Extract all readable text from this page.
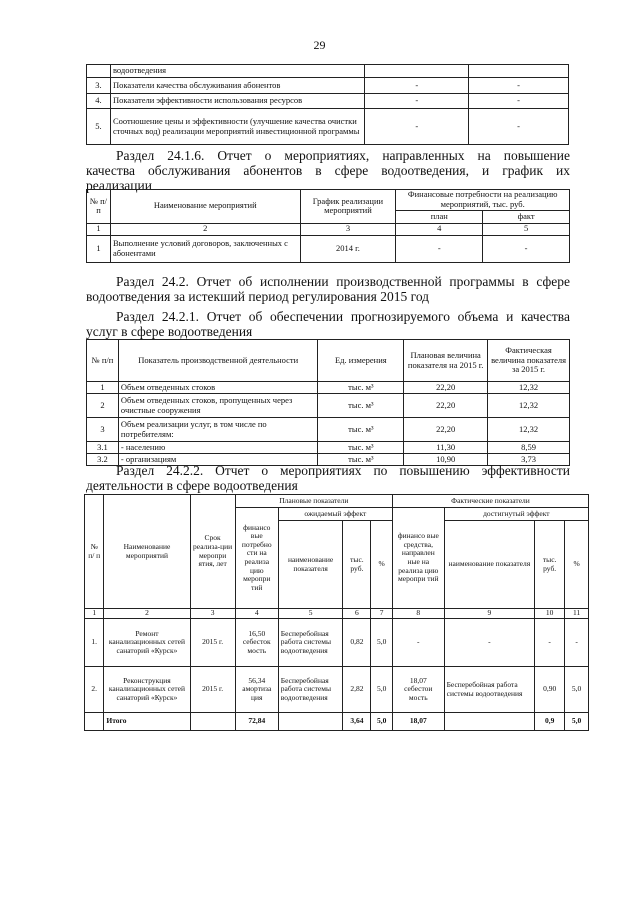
29
	водоотведения		
3.	Показатели качества обслуживания абонентов	-	-
4.	Показатели эффективности использования ресурсов	-	-
5.	Соотношение цены и эффективности (улучшение качества очистки сточных вод) реализации мероприятий инвестиционной программы	-	-
Раздел 24.1.6. Отчет о мероприятиях, направленных на повышение
качества обслуживания абонентов в сфере водоотведения, и график их
реализации
№ п/п	Наименование мероприятий	График реализации мероприятий	Финансовые потребности на реализацию мероприятий, тыс. руб.	
			план	факт
1	2	3	4	5
1	Выполнение условий договоров, заключенных с абонентами	2014 г.	-	-
Раздел 24.2. Отчет об исполнении производственной программы в сфере
водоотведения за истекший период регулирования 2015 год
Раздел 24.2.1. Отчет об обеспечении прогнозируемого объема и качества
услуг в сфере водоотведения
№ п/п	Показатель производственной деятельности	Ед. измерения	Плановая величина показателя на 2015 г.	Фактическая величина показателя за 2015 г.
1	Объем отведенных стоков	тыс. м³	22,20	12,32
2	Объем отведенных стоков, пропущенных через очистные сооружения	тыс. м³	22,20	12,32
3	Объем реализации услуг, в том числе по потребителям:	тыс. м³	22,20	12,32
3.1	- населению	тыс. м³	11,30	8,59
3.2	- организациям	тыс. м³	10,90	3,73
Раздел 24.2.2. Отчет о мероприятиях по повышению эффективности
деятельности в сфере водоотведения
№ п/ п	Наименование мероприятий	Срок реализа-ции меропри ятия, лет	Плановые показатели				Фактические показатели			
			финансо вые потребно сти на реализа цию меропри тий	ожидаемый эффект			финансо вые средства, направлен ные на реализа цию меропри тий	достигнутый эффект		
				наименование показателя	тыс. руб.	%		наименование показателя	тыс. руб.	%
1	2	3	4	5	6	7	8	9	10	11
1.	Ремонт канализационных сетей санаторий «Курск»	2015 г.	16,50 себесток мость	Бесперебойная работа системы водоотведения	0,82	5,0	-	-	-	-
2.	Реконструкция канализационных сетей санаторий «Курск»	2015 г.	56,34 амортиза ция	Бесперебойная работа системы водоотведения	2,82	5,0	18,07 себестои мость	Бесперебойная работа системы водоотведения	0,90	5,0
	Итого		72,84		3,64	5,0	18,07		0,9	5,0
